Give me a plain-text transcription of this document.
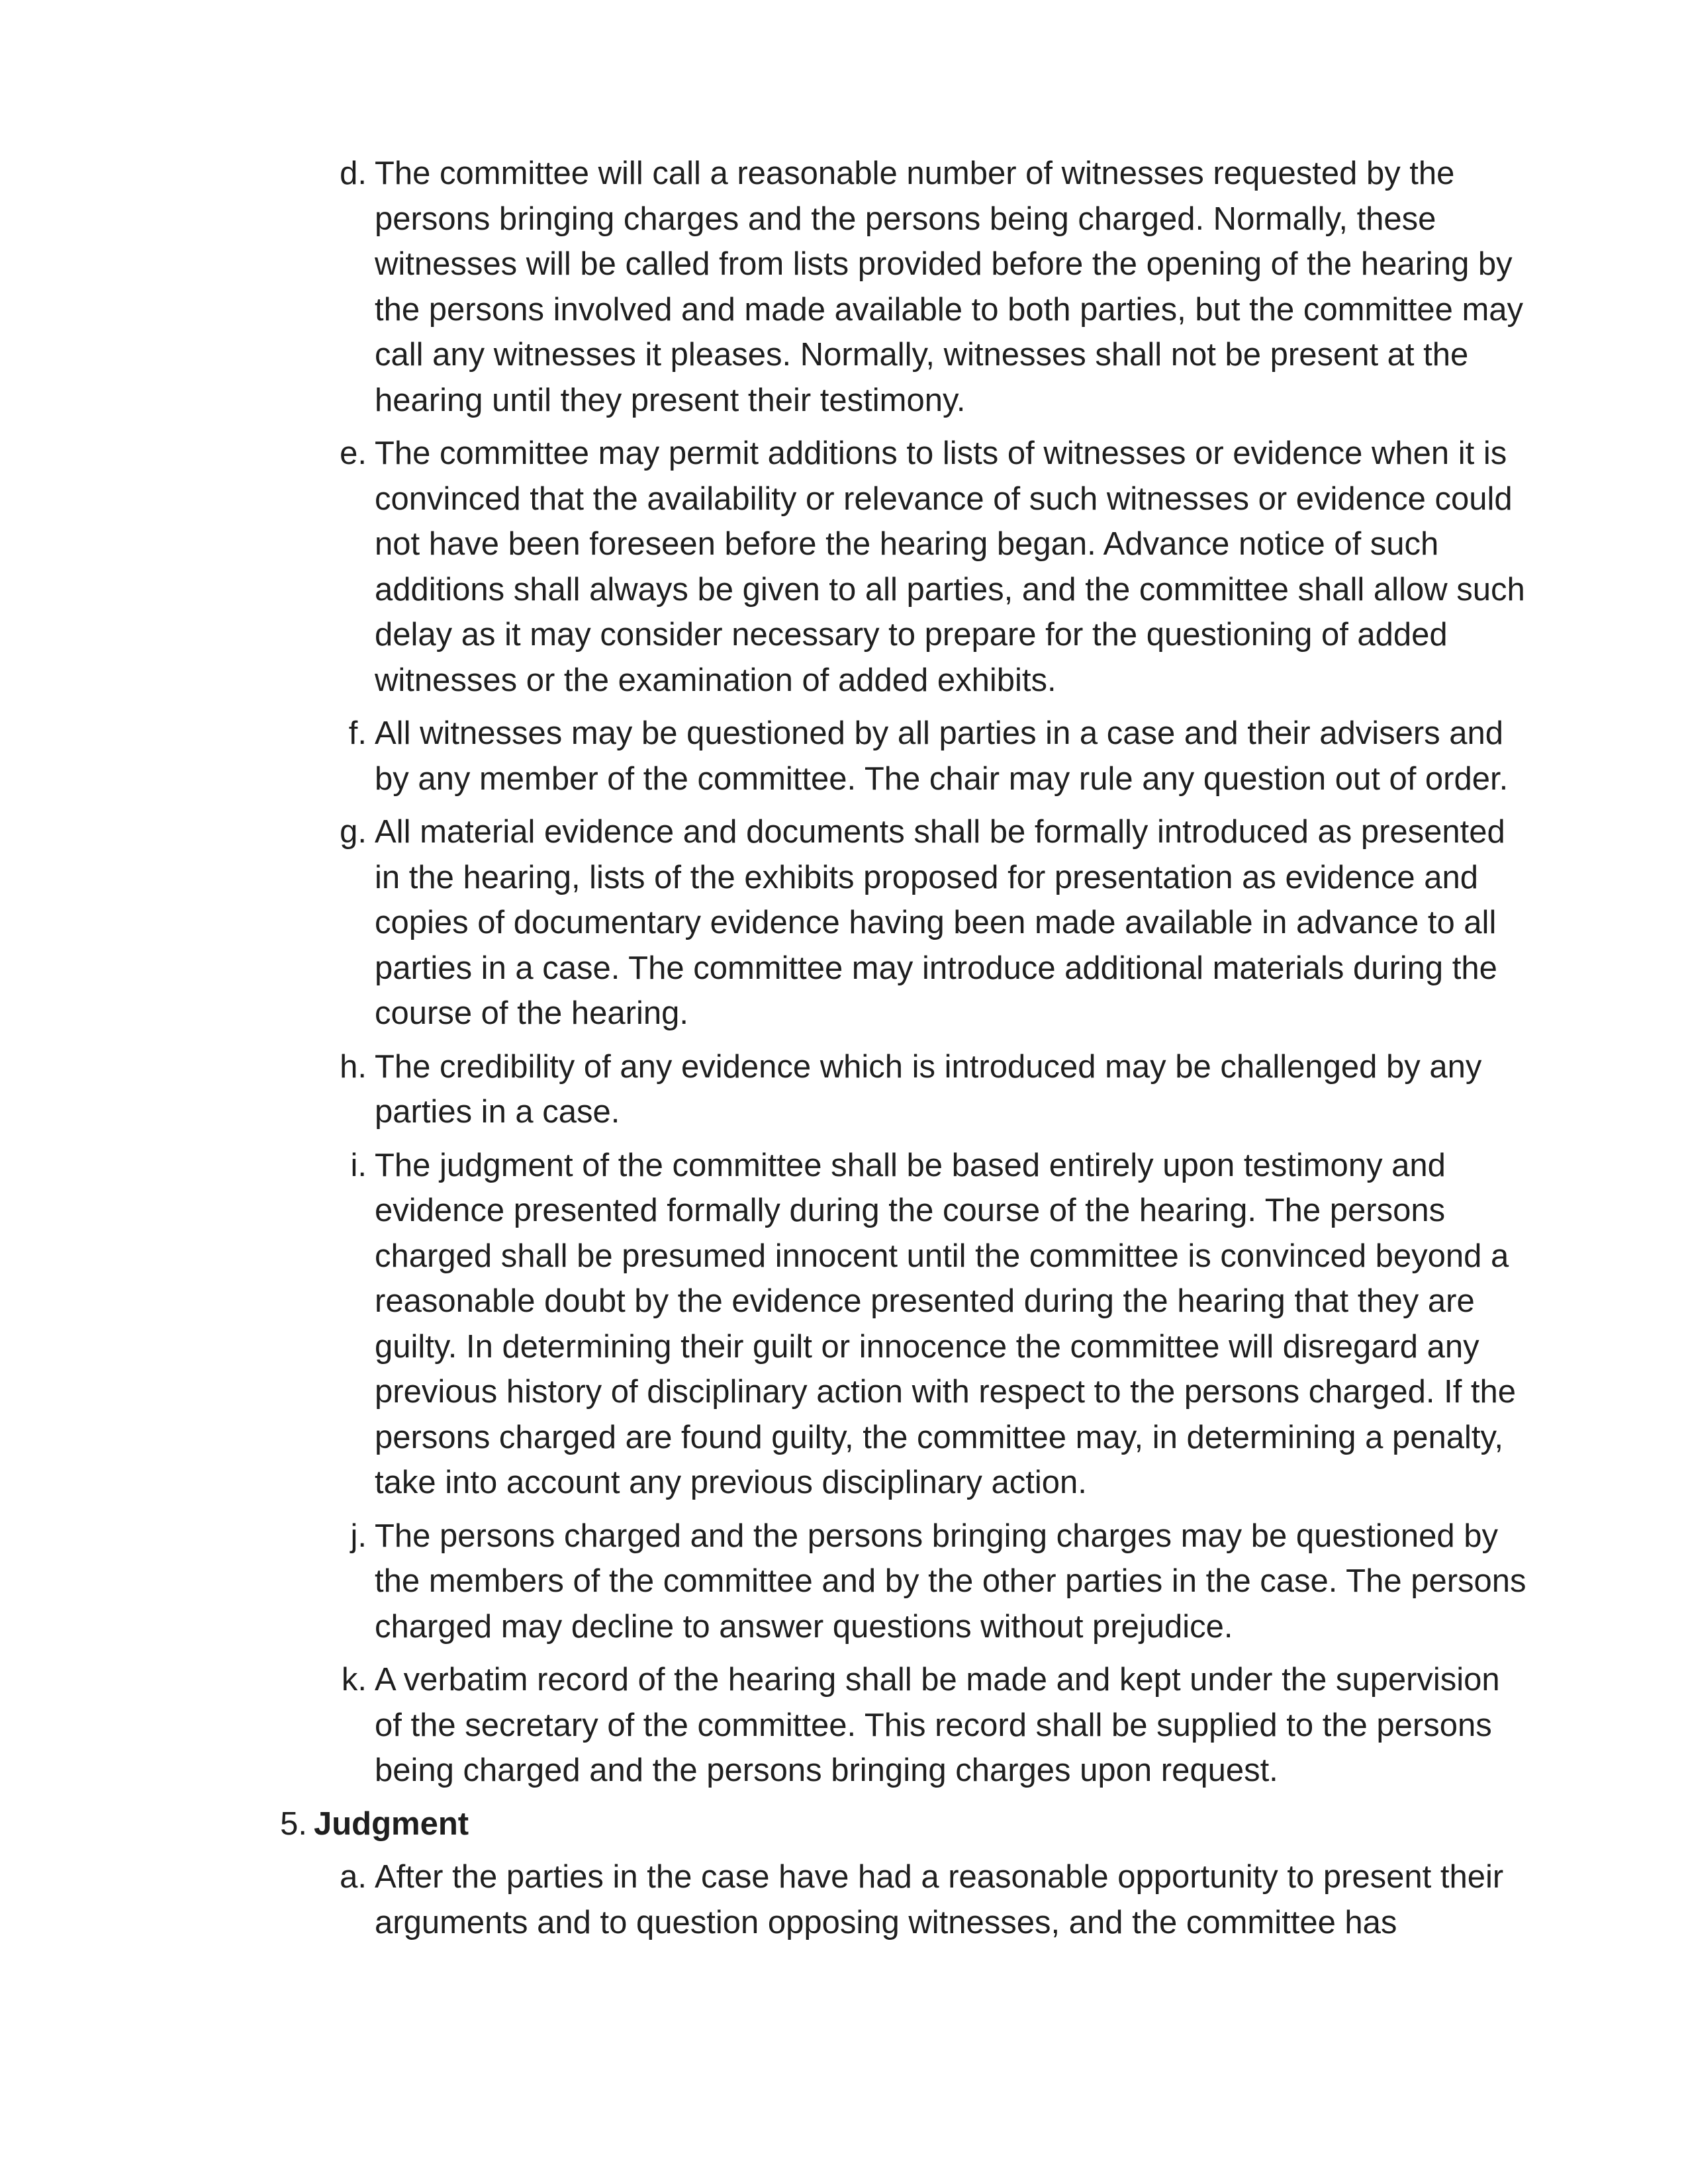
d. The committee will call a reasonable number of witnesses requested by the persons bringing charges and the persons being charged. Normally, these witnesses will be called from lists provided before the opening of the hearing by the persons involved and made available to both parties, but the committee may call any witnesses it pleases. Normally, witnesses shall not be present at the hearing until they present their testimony.
e. The committee may permit additions to lists of witnesses or evidence when it is convinced that the availability or relevance of such witnesses or evidence could not have been foreseen before the hearing began. Advance notice of such additions shall always be given to all parties, and the committee shall allow such delay as it may consider necessary to prepare for the questioning of added witnesses or the examination of added exhibits.
f. All witnesses may be questioned by all parties in a case and their advisers and by any member of the committee. The chair may rule any question out of order.
g. All material evidence and documents shall be formally introduced as presented in the hearing, lists of the exhibits proposed for presentation as evidence and copies of documentary evidence having been made available in advance to all parties in a case. The committee may introduce additional materials during the course of the hearing.
h. The credibility of any evidence which is introduced may be challenged by any parties in a case.
i. The judgment of the committee shall be based entirely upon testimony and evidence presented formally during the course of the hearing. The persons charged shall be presumed innocent until the committee is convinced beyond a reasonable doubt by the evidence presented during the hearing that they are guilty. In determining their guilt or innocence the committee will disregard any previous history of disciplinary action with respect to the persons charged. If the persons charged are found guilty, the committee may, in determining a penalty, take into account any previous disciplinary action.
j. The persons charged and the persons bringing charges may be questioned by the members of the committee and by the other parties in the case. The persons charged may decline to answer questions without prejudice.
k. A verbatim record of the hearing shall be made and kept under the supervision of the secretary of the committee. This record shall be supplied to the persons being charged and the persons bringing charges upon request.
5. Judgment
a. After the parties in the case have had a reasonable opportunity to present their arguments and to question opposing witnesses, and the committee has
